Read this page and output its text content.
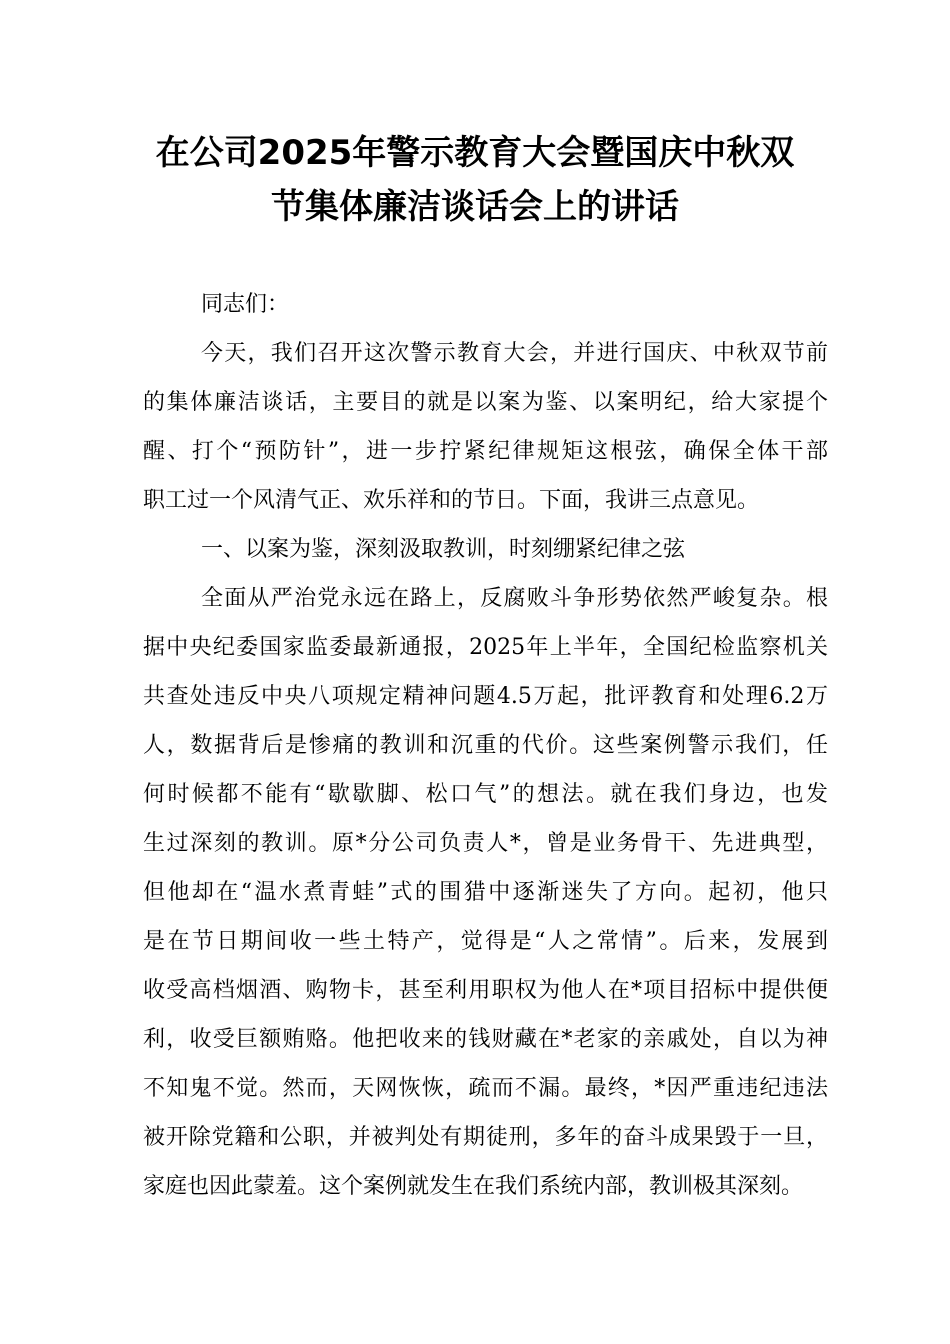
在公司2025年警示教育大会暨国庆中秋双
节集体廉洁谈话会上的讲话
同志们：
今天，我们召开这次警示教育大会，并进行国庆、中秋双节前
的集体廉洁谈话，主要目的就是以案为鉴、以案明纪，给大家提个
醒、打个“预防针”，进一步拧紧纪律规矩这根弦，确保全体干部
职工过一个风清气正、欢乐祥和的节日。下面，我讲三点意见。
一、以案为鉴，深刻汲取教训，时刻绷紧纪律之弦
全面从严治党永远在路上，反腐败斗争形势依然严峻复杂。根
据中央纪委国家监委最新通报，2025年上半年，全国纪检监察机关
共查处违反中央八项规定精神问题4.5万起，批评教育和处理6.2万
人，数据背后是惨痛的教训和沉重的代价。这些案例警示我们，任
何时候都不能有“歇歇脚、松口气”的想法。就在我们身边，也发
生过深刻的教训。原*分公司负责人*，曾是业务骨干、先进典型，
但他却在“温水煮青蛙”式的围猎中逐渐迷失了方向。起初，他只
是在节日期间收一些土特产，觉得是“人之常情”。后来，发展到
收受高档烟酒、购物卡，甚至利用职权为他人在*项目招标中提供便
利，收受巨额贿赂。他把收来的钱财藏在*老家的亲戚处，自以为神
不知鬼不觉。然而，天网恢恢，疏而不漏。最终，*因严重违纪违法
被开除党籍和公职，并被判处有期徒刑，多年的奋斗成果毁于一旦，
家庭也因此蒙羞。这个案例就发生在我们系统内部，教训极其深刻。
